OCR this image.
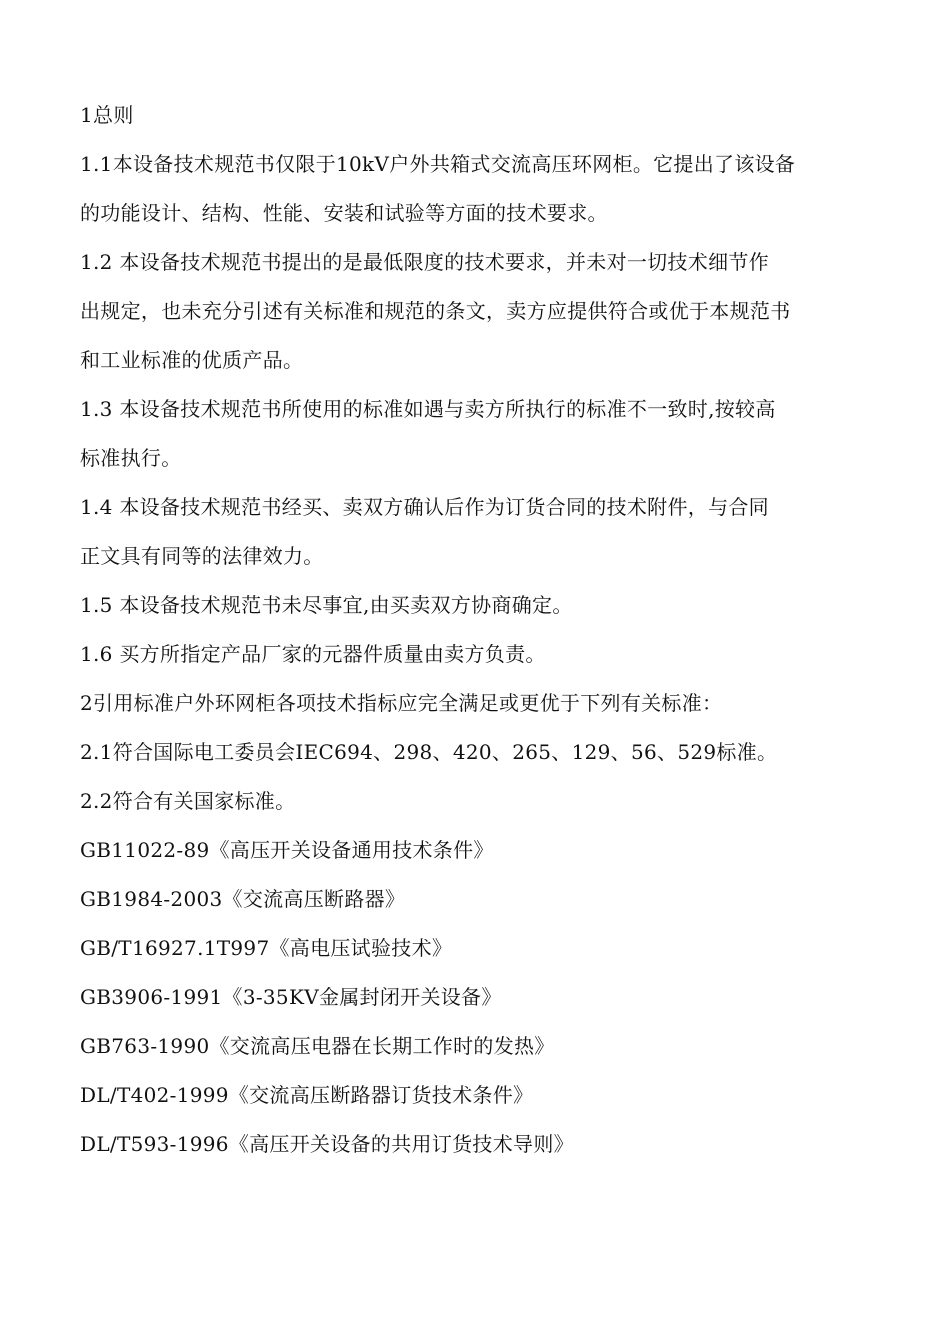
1总则

1.1本设备技术规范书仅限于10kV户外共箱式交流高压环网柜。它提出了该设备

的功能设计、结构、性能、安装和试验等方面的技术要求。

1.2 本设备技术规范书提出的是最低限度的技术要求，并未对一切技术细节作

出规定，也未充分引述有关标准和规范的条文，卖方应提供符合或优于本规范书

和工业标准的优质产品。

1.3 本设备技术规范书所使用的标准如遇与卖方所执行的标准不一致时,按较高

标准执行。

1.4 本设备技术规范书经买、卖双方确认后作为订货合同的技术附件，与合同

正文具有同等的法律效力。

1.5 本设备技术规范书未尽事宜,由买卖双方协商确定。

1.6 买方所指定产品厂家的元器件质量由卖方负责。

2引用标准户外环网柜各项技术指标应完全满足或更优于下列有关标准：

2.1符合国际电工委员会IEC694、298、420、265、129、56、529标准。

2.2符合有关国家标准。

GB11022-89《高压开关设备通用技术条件》

GB1984-2003《交流高压断路器》

GB/T16927.1T997《高电压试验技术》

GB3906-1991《3-35KV金属封闭开关设备》

GB763-1990《交流高压电器在长期工作时的发热》

DL/T402-1999《交流高压断路器订货技术条件》

DL/T593-1996《高压开关设备的共用订货技术导则》
